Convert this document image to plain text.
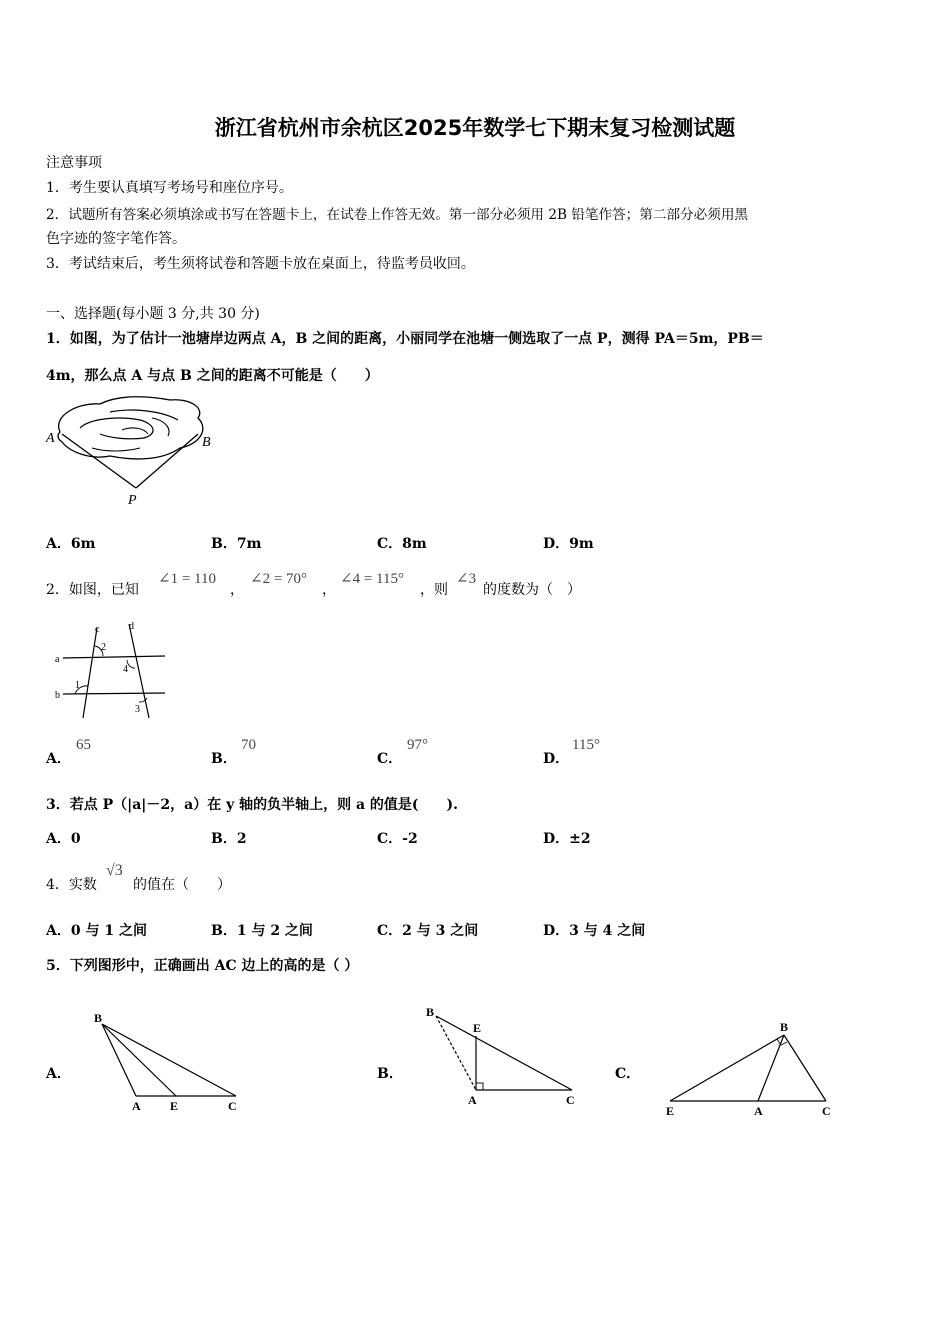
浙江省杭州市余杭区2025年数学七下期末复习检测试题
注意事项
1．考生要认真填写考场号和座位序号。
2．试题所有答案必须填涂或书写在答题卡上，在试卷上作答无效。第一部分必须用 2B 铅笔作答；第二部分必须用黑
色字迹的签字笔作答。
3．考试结束后，考生须将试卷和答题卡放在桌面上，待监考员收回。
一、选择题(每小题 3 分,共 30 分)
1．如图，为了估计一池塘岸边两点 A，B 之间的距离，小丽同学在池塘一侧选取了一点 P，测得 PA＝5m，PB＝
4m，那么点 A 与点 B 之间的距离不可能是（　　）
A	B
P
A．6m	B．7m	C．8m	D．9m
2．如图，已知
∠1 = 110
，
∠2 = 70°
，
∠4 = 115°
，则
∠3
的度数为（　）
c	d
a
b
2
4
1
3
A．
65
B．
70
C．
97°
D．
115°
3．若点 P（|a|－2，a）在 y 轴的负半轴上，则 a 的值是(　　).
A．0	B．2	C．-2	D．±2
4．实数
√3
的值在（　　）
A．0 与 1 之间	B．1 与 2 之间	C．2 与 3 之间	D．3 与 4 之间
5．下列图形中，正确画出 AC 边上的高的是（ ）
A．
B
A E	C
B．
B
E
A	C
C．
B
E	A	C
